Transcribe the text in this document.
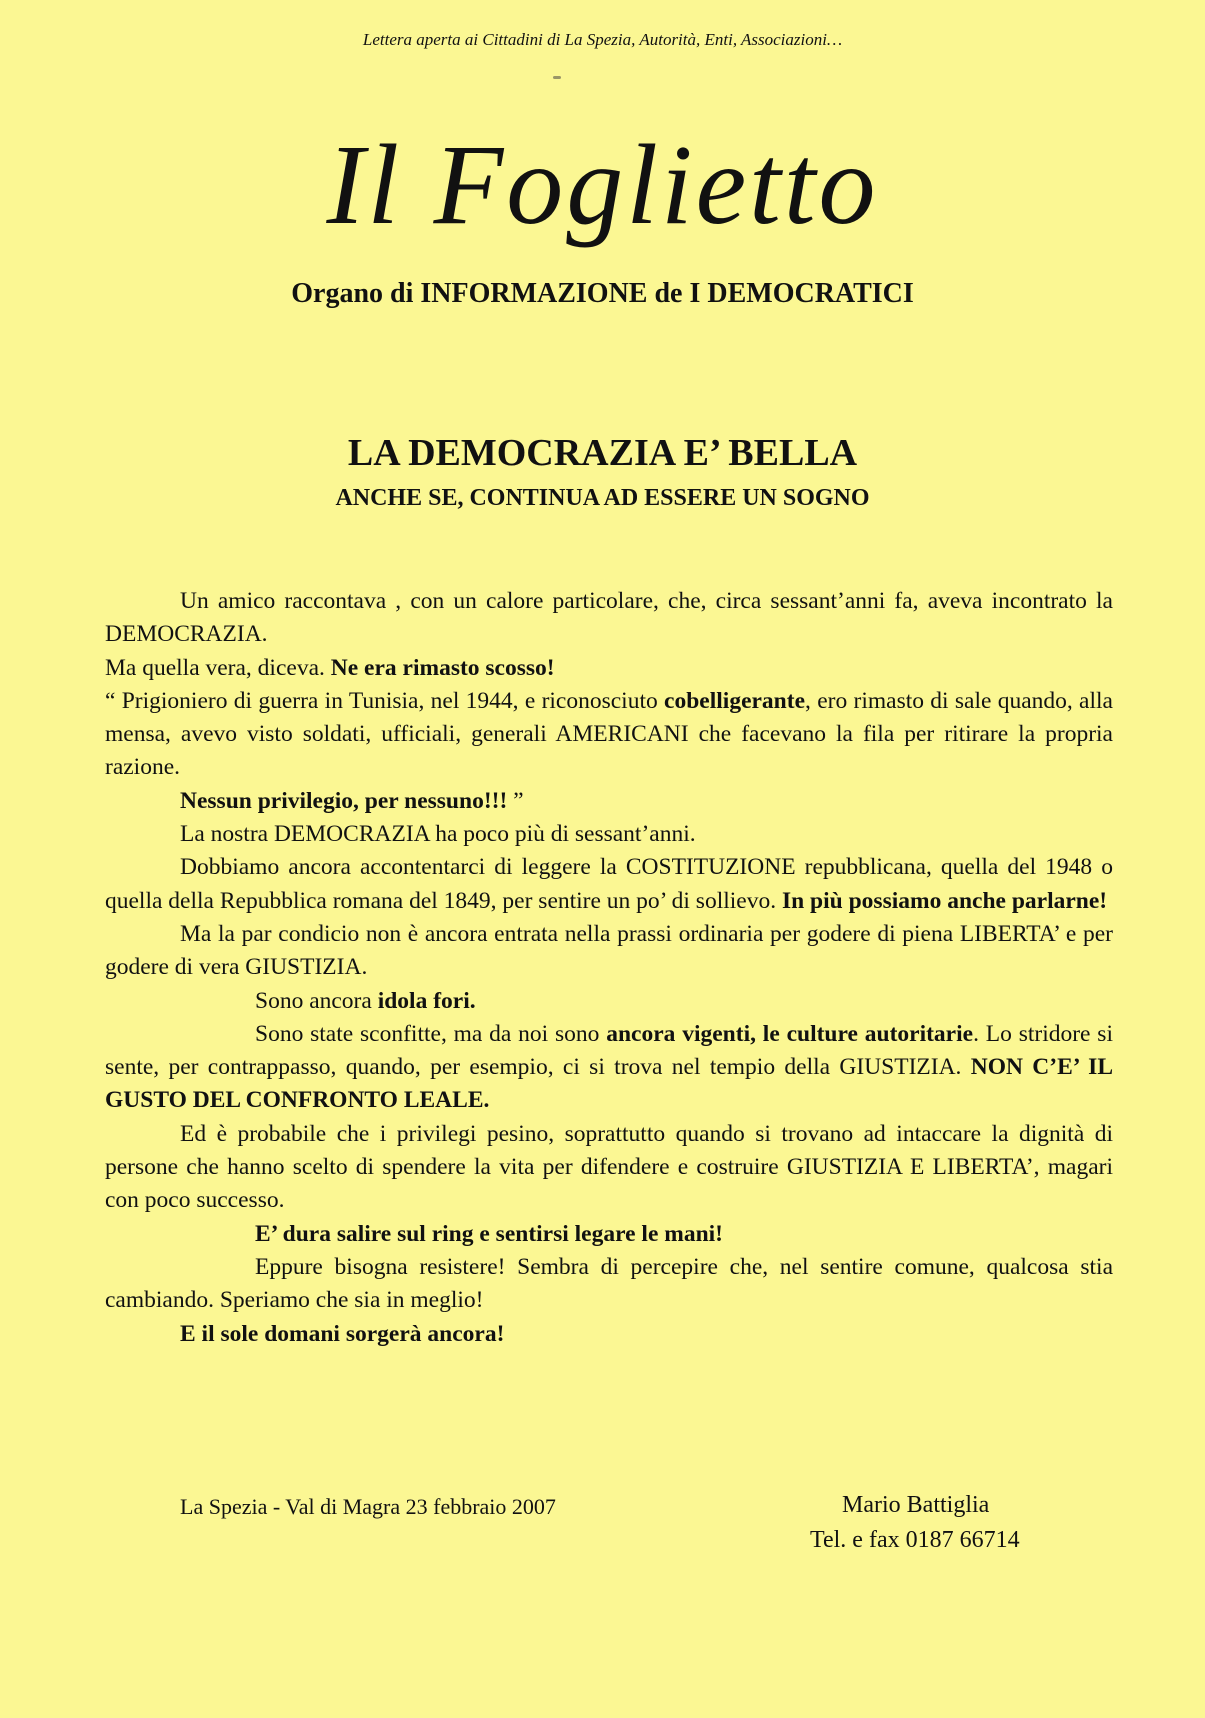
Lettera aperta ai Cittadini di La Spezia, Autorità, Enti, Associazioni…
Il Foglietto
Organo di INFORMAZIONE de I DEMOCRATICI
LA DEMOCRAZIA E’ BELLA
ANCHE SE, CONTINUA AD ESSERE UN SOGNO

Un amico raccontava , con un calore particolare, che, circa sessant’anni fa, aveva incontrato la DEMOCRAZIA.

Ma quella vera, diceva. Ne era rimasto scosso!

“ Prigioniero di guerra in Tunisia, nel 1944, e riconosciuto cobelligerante, ero rimasto di sale quando, alla mensa, avevo visto soldati, ufficiali, generali AMERICANI che facevano la fila per ritirare la propria razione.

Nessun privilegio, per nessuno!!! ”

La nostra DEMOCRAZIA ha poco più di sessant’anni.

Dobbiamo ancora accontentarci di leggere la COSTITUZIONE repubblicana, quella del 1948 o quella della Repubblica romana del 1849, per sentire un po’ di sollievo. In più possiamo anche parlarne!

Ma la par condicio non è ancora entrata nella prassi ordinaria per godere di piena LIBERTA’ e per godere di vera GIUSTIZIA.

Sono ancora idola fori.

Sono state sconfitte, ma da noi sono ancora vigenti, le culture autoritarie. Lo stridore si sente, per contrappasso, quando, per esempio, ci si trova nel tempio della GIUSTIZIA. NON C’E’ IL GUSTO DEL CONFRONTO LEALE.

Ed è probabile che i privilegi pesino, soprattutto quando si trovano ad intaccare la dignità di persone che hanno scelto di spendere la vita per difendere e costruire GIUSTIZIA E LIBERTA’, magari con poco successo.

E’ dura salire sul ring e sentirsi legare le mani!

Eppure bisogna resistere! Sembra di percepire che, nel sentire comune, qualcosa stia cambiando. Speriamo che sia in meglio!

E il sole domani sorgerà ancora!

La Spezia - Val di Magra 23 febbraio 2007	Mario Battiglia
Tel. e fax 0187 66714
